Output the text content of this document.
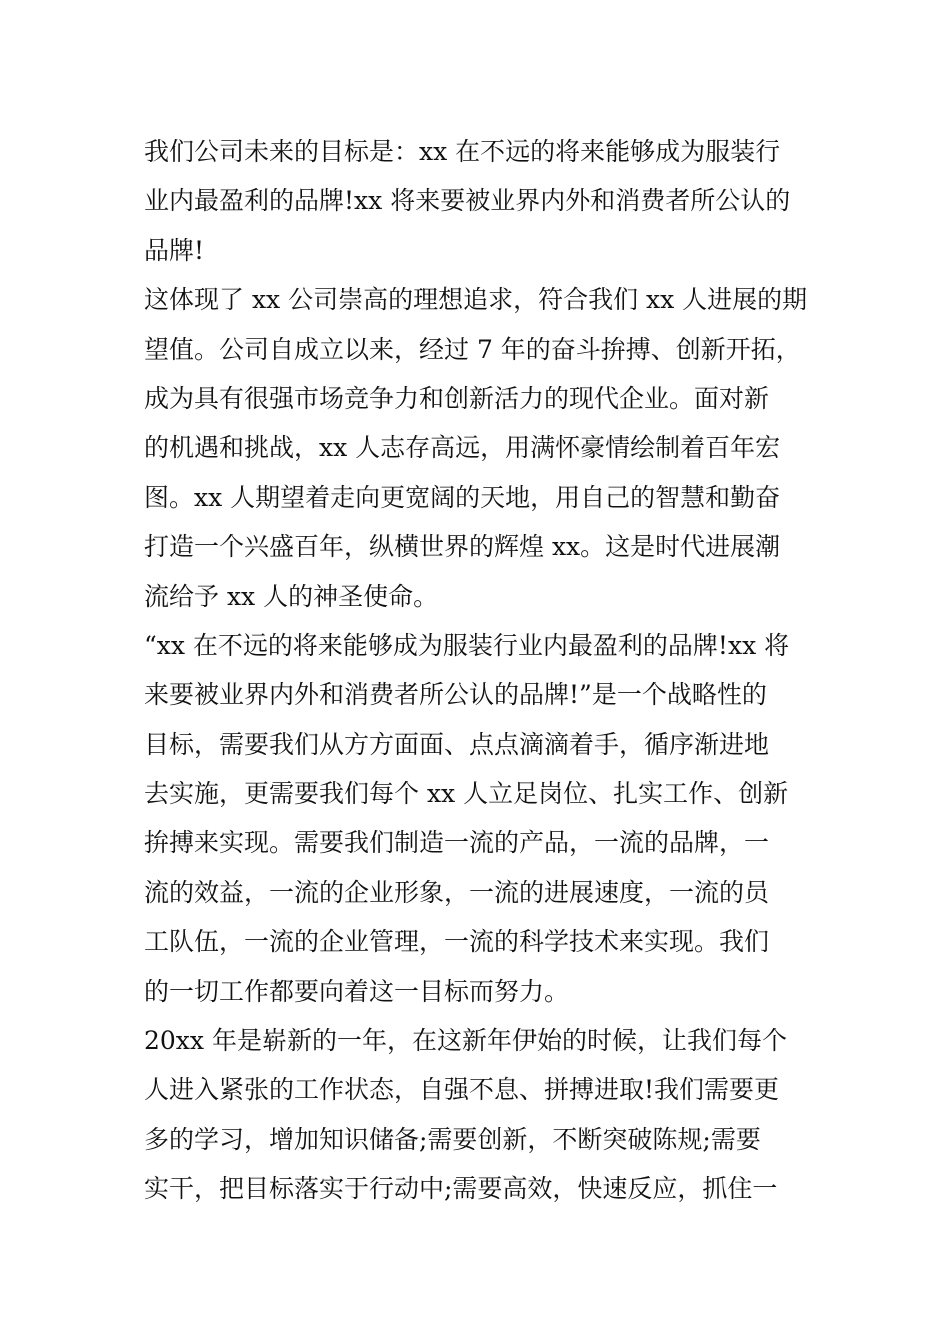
我们公司未来的目标是：xx 在不远的将来能够成为服装行
业内最盈利的品牌!xx 将来要被业界内外和消费者所公认的
品牌!

这体现了 xx 公司崇高的理想追求，符合我们 xx 人进展的期
望值。公司自成立以来，经过 7 年的奋斗拚搏、创新开拓，
成为具有很强市场竞争力和创新活力的现代企业。面对新
的机遇和挑战，xx 人志存高远，用满怀豪情绘制着百年宏
图。xx 人期望着走向更宽阔的天地，用自己的智慧和勤奋
打造一个兴盛百年，纵横世界的辉煌 xx。这是时代进展潮
流给予 xx 人的神圣使命。

“xx 在不远的将来能够成为服装行业内最盈利的品牌!xx 将
来要被业界内外和消费者所公认的品牌!”是一个战略性的
目标，需要我们从方方面面、点点滴滴着手，循序渐进地
去实施，更需要我们每个 xx 人立足岗位、扎实工作、创新
拚搏来实现。需要我们制造一流的产品，一流的品牌，一
流的效益，一流的企业形象，一流的进展速度，一流的员
工队伍，一流的企业管理，一流的科学技术来实现。我们
的一切工作都要向着这一目标而努力。

20xx 年是崭新的一年，在这新年伊始的时候，让我们每个
人进入紧张的工作状态，自强不息、拼搏进取!我们需要更
多的学习，增加知识储备;需要创新，不断突破陈规;需要
实干，把目标落实于行动中;需要高效，快速反应，抓住一
